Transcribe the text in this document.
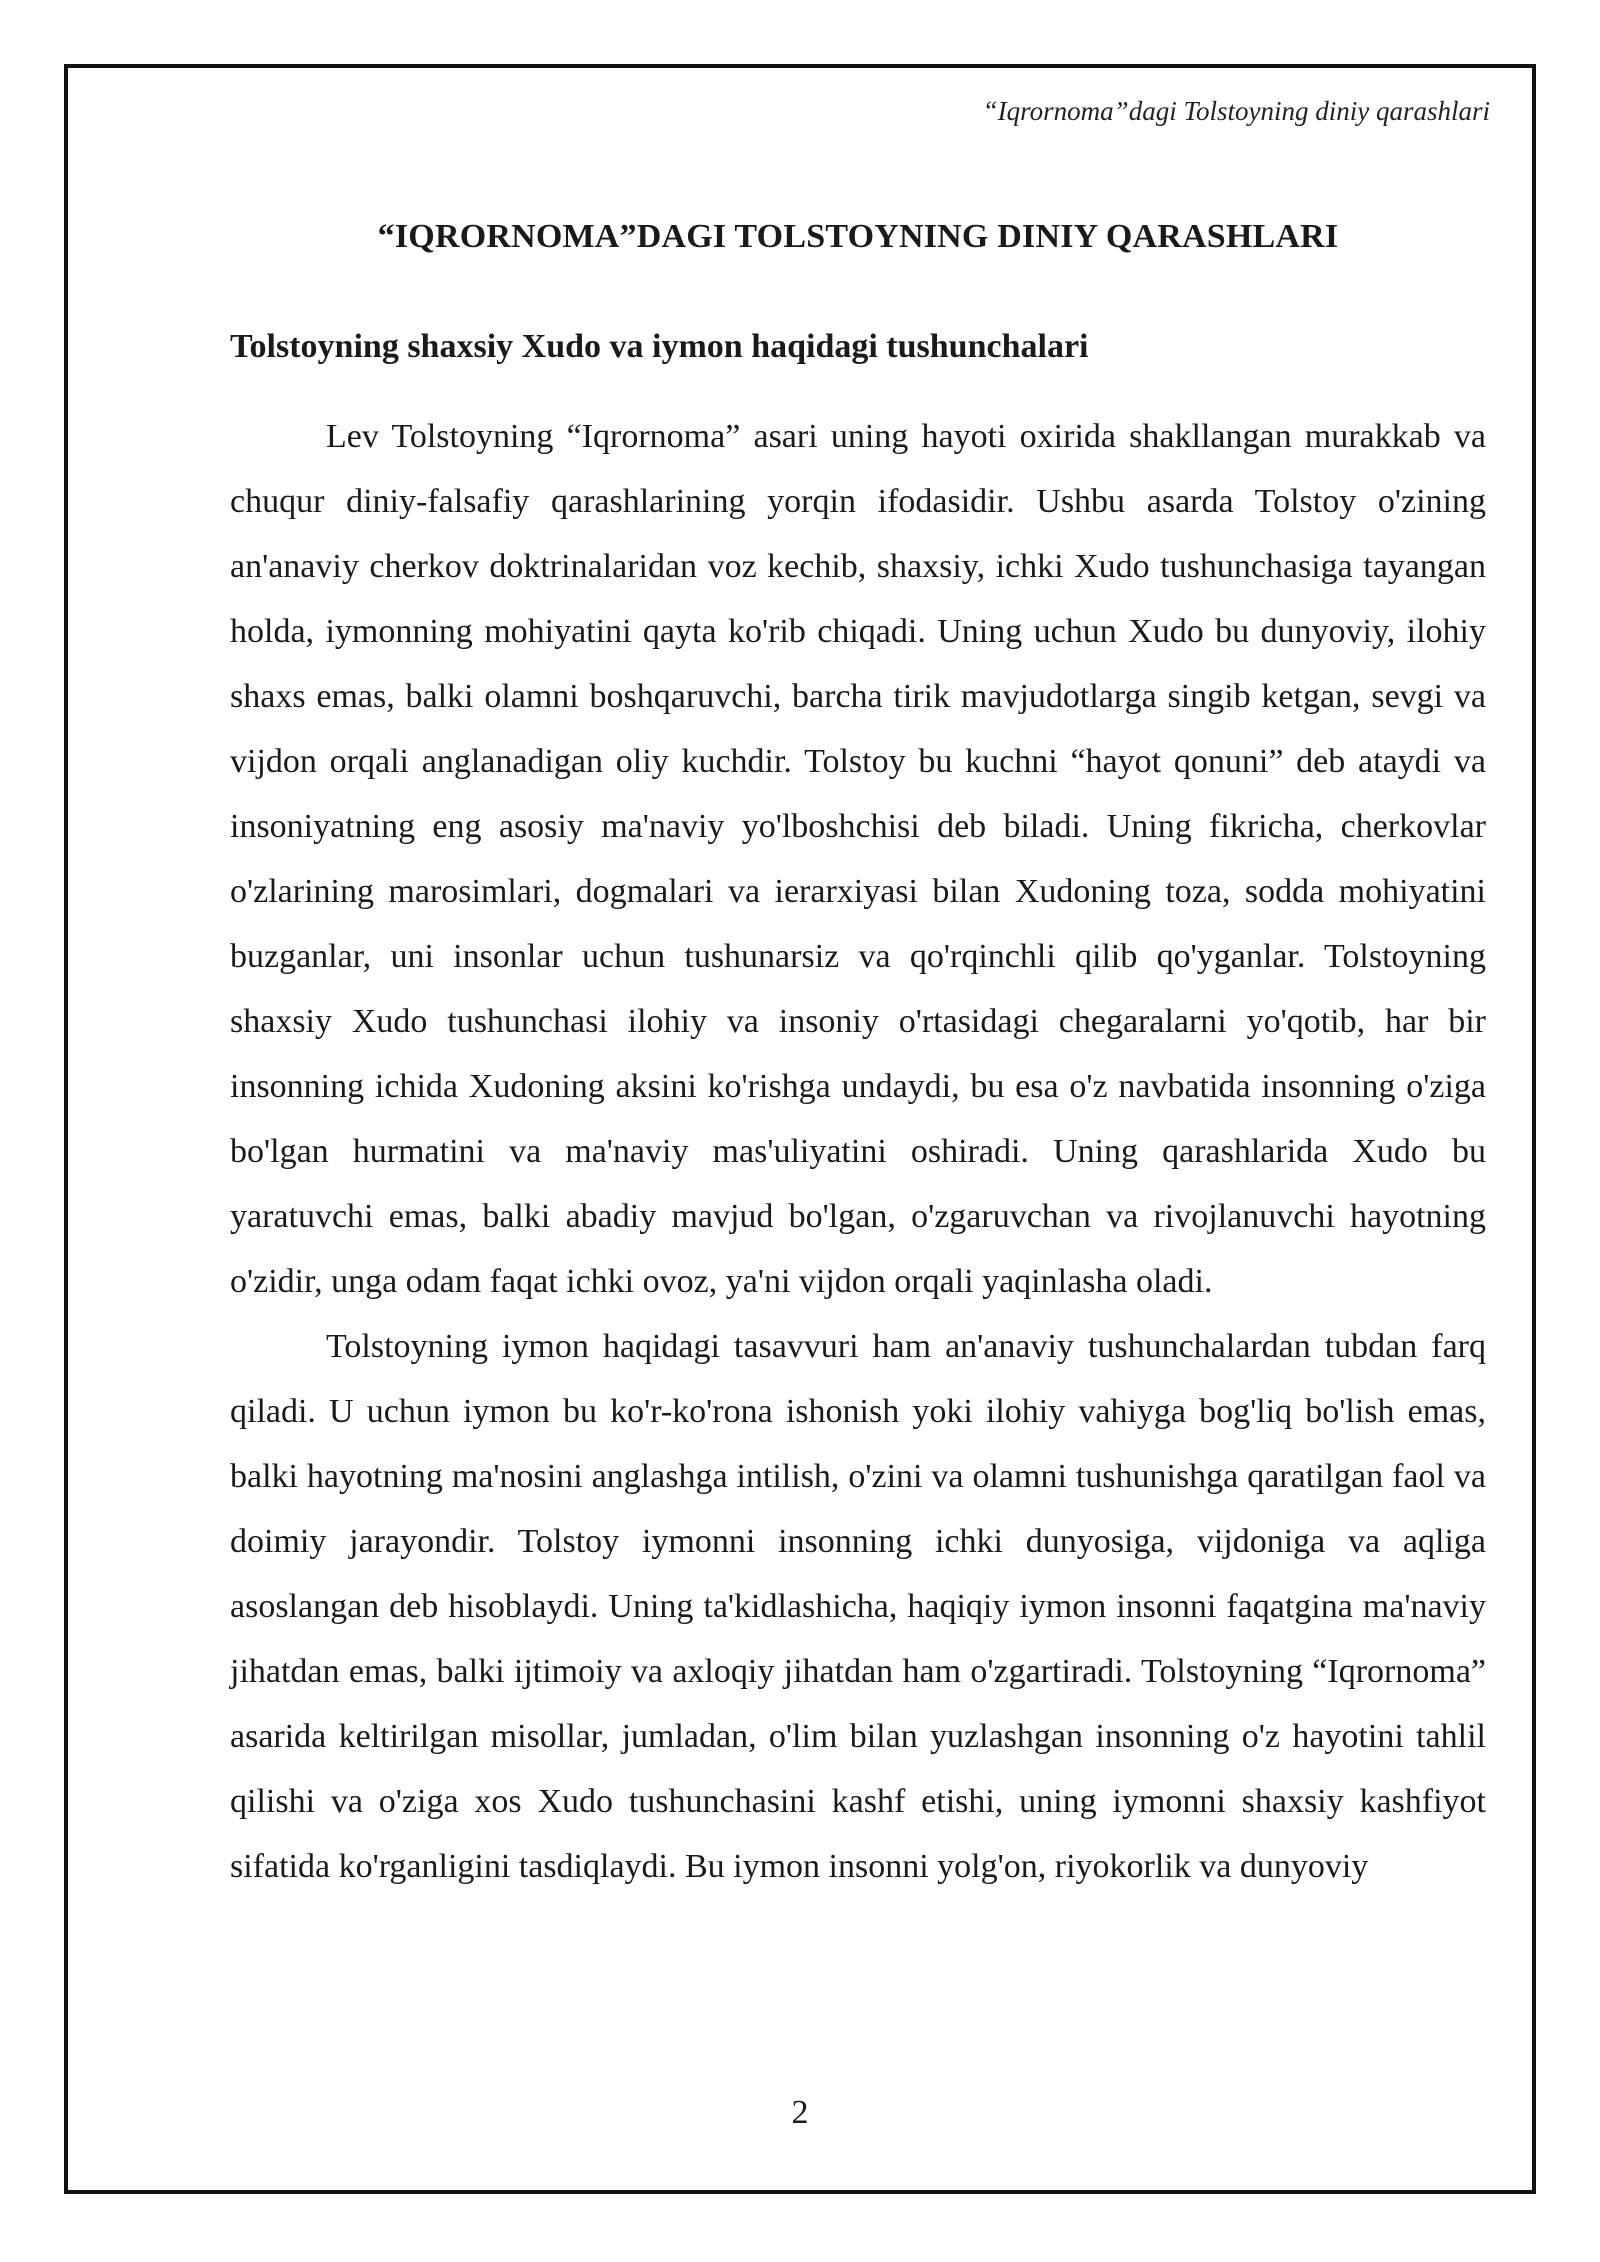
“Iqrornoma”dagi Tolstoyning diniy qarashlari
“IQRORNOMA”DAGI TOLSTOYNING DINIY QARASHLARI
Tolstoyning shaxsiy Xudo va iymon haqidagi tushunchalari

Lev Tolstoyning “Iqrornoma” asari uning hayoti oxirida shakllangan murakkab va chuqur diniy-falsafiy qarashlarining yorqin ifodasidir. Ushbu asarda Tolstoy o'zining an'anaviy cherkov doktrinalaridan voz kechib, shaxsiy, ichki Xudo tushunchasiga tayangan holda, iymonning mohiyatini qayta ko'rib chiqadi. Uning uchun Xudo bu dunyoviy, ilohiy shaxs emas, balki olamni boshqaruvchi, barcha tirik mavjudotlarga singib ketgan, sevgi va vijdon orqali anglanadigan oliy kuchdir. Tolstoy bu kuchni “hayot qonuni” deb ataydi va insoniyatning eng asosiy ma'naviy yo'lboshchisi deb biladi. Uning fikricha, cherkovlar o'zlarining marosimlari, dogmalari va ierarxiyasi bilan Xudoning toza, sodda mohiyatini buzganlar, uni insonlar uchun tushunarsiz va qo'rqinchli qilib qo'yganlar. Tolstoyning shaxsiy Xudo tushunchasi ilohiy va insoniy o'rtasidagi chegaralarni yo'qotib, har bir insonning ichida Xudoning aksini ko'rishga undaydi, bu esa o'z navbatida insonning o'ziga bo'lgan hurmatini va ma'naviy mas'uliyatini oshiradi. Uning qarashlarida Xudo bu yaratuvchi emas, balki abadiy mavjud bo'lgan, o'zgaruvchan va rivojlanuvchi hayotning o'zidir, unga odam faqat ichki ovoz, ya'ni vijdon orqali yaqinlasha oladi.

Tolstoyning iymon haqidagi tasavvuri ham an'anaviy tushunchalardan tubdan farq qiladi. U uchun iymon bu ko'r-ko'rona ishonish yoki ilohiy vahiyga bog'liq bo'lish emas, balki hayotning ma'nosini anglashga intilish, o'zini va olamni tushunishga qaratilgan faol va doimiy jarayondir. Tolstoy iymonni insonning ichki dunyosiga, vijdoniga va aqliga asoslangan deb hisoblaydi. Uning ta'kidlashicha, haqiqiy iymon insonni faqatgina ma'naviy jihatdan emas, balki ijtimoiy va axloqiy jihatdan ham o'zgartiradi. Tolstoyning “Iqrornoma” asarida keltirilgan misollar, jumladan, o'lim bilan yuzlashgan insonning o'z hayotini tahlil qilishi va o'ziga xos Xudo tushunchasini kashf etishi, uning iymonni shaxsiy kashfiyot sifatida ko'rganligini tasdiqlaydi. Bu iymon insonni yolg'on, riyokorlik va dunyoviy

2
